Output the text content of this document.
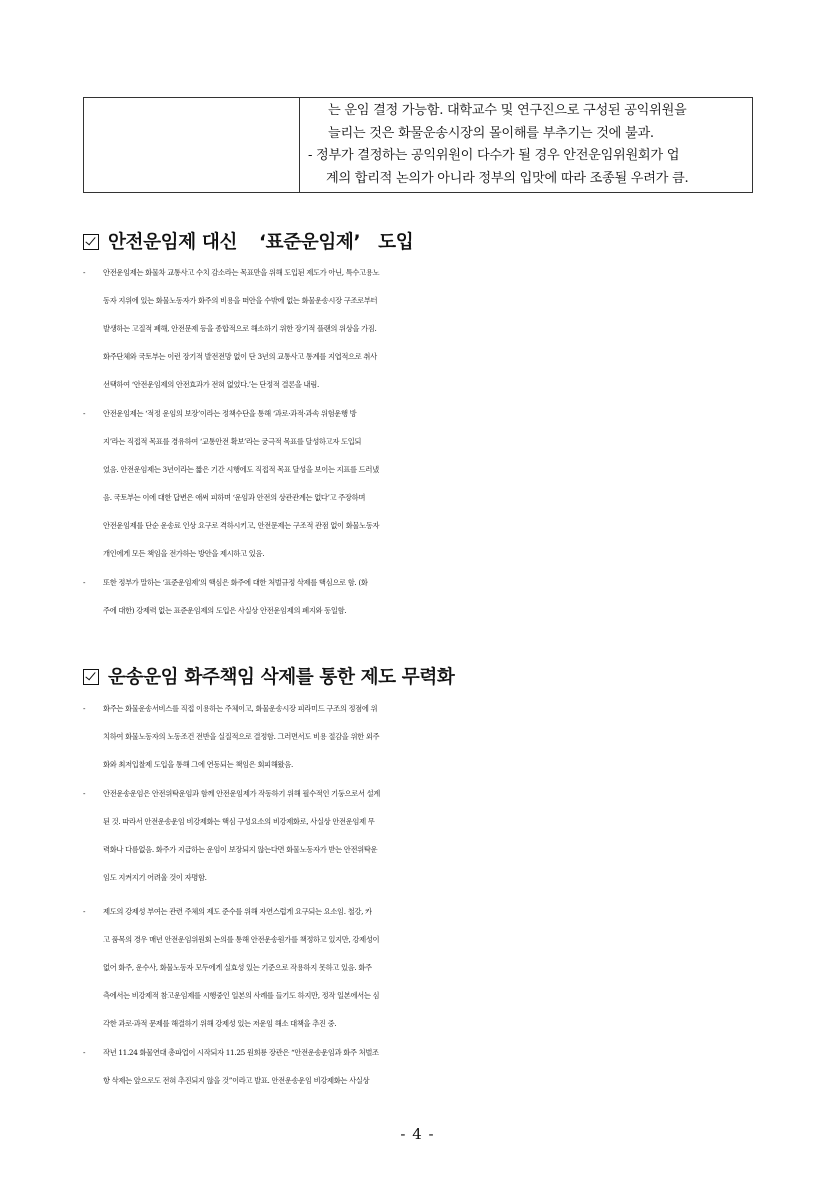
는 운임 결정 가능함. 대학교수 및 연구진으로 구성된 공익위원을
늘리는 것은 화물운송시장의 몰이해를 부추기는 것에 불과.
- 정부가 결정하는 공익위원이 다수가 될 경우 안전운임위원회가 업
계의 합리적 논의가 아니라 정부의 입맛에 따라 조종될 우려가 큼.
안전운임제 대신 ‘표준운임제’ 도입
- 안전운임제는 화물차 교통사고 수치 감소라는 목표만을 위해 도입된 제도가 아닌, 특수고용노
동자 지위에 있는 화물노동자가 화주의 비용을 떠안을 수밖에 없는 화물운송시장 구조로부터
발생하는 고질적 폐해, 안전문제 등을 종합적으로 해소하기 위한 장기적 플랜의 위상을 가짐.
화주단체와 국토부는 이런 장기적 발전전망 없이 단 3년의 교통사고 통계를 지엽적으로 취사
선택하여 ‘안전운임제의 안전효과가 전혀 없었다.’는 단정적 결론을 내림.
- 안전운임제는 ‘적정 운임의 보장’이라는 정책수단을 통해 ‘과로·과적·과속 위험운행 방
지’라는 직접적 목표를 경유하여 ‘교통안전 확보’라는 궁극적 목표를 달성하고자 도입되
었음. 안전운임제는 3년이라는 짧은 기간 시행에도 직접적 목표 달성을 보이는 지표를 드러냈
음. 국토부는 이에 대한 답변은 애써 피하며 ‘운임과 안전의 상관관계는 없다’고 주장하며
안전운임제를 단순 운송료 인상 요구로 격하시키고, 안전문제는 구조적 관점 없이 화물노동자
개인에게 모든 책임을 전가하는 방안을 제시하고 있음.
- 또한 정부가 말하는 ‘표준운임제’의 핵심은 화주에 대한 처벌규정 삭제를 핵심으로 함. (화
주에 대한) 강제력 없는 표준운임제의 도입은 사실상 안전운임제의 폐지와 동일함.
운송운임 화주책임 삭제를 통한 제도 무력화
- 화주는 화물운송서비스를 직접 이용하는 주체이고, 화물운송시장 피라미드 구조의 정점에 위
치하여 화물노동자의 노동조건 전반을 실질적으로 결정함. 그러면서도 비용 절감을 위한 외주
화와 최저입찰제 도입을 통해 그에 연동되는 책임은 회피해왔음.
- 안전운송운임은 안전위탁운임과 함께 안전운임제가 작동하기 위해 필수적인 기둥으로서 설계
된 것. 따라서 안전운송운임 비강제화는 핵심 구성요소의 비강제화로, 사실상 안전운임제 무
력화나 다름없음. 화주가 지급하는 운임이 보장되지 않는다면 화물노동자가 받는 안전위탁운
임도 지켜지기 어려울 것이 자명함.
- 제도의 강제성 부여는 관련 주체의 제도 준수를 위해 자연스럽게 요구되는 요소임. 철강, 카
고 품목의 경우 매년 안전운임위원회 논의를 통해 안전운송원가를 책정하고 있지만, 강제성이
없어 화주, 운수사, 화물노동자 모두에게 실효성 있는 기준으로 작용하지 못하고 있음. 화주
측에서는 비강제적 참고운임제를 시행중인 일본의 사례를 들기도 하지만, 정작 일본에서는 심
각한 과로·과적 문제를 해결하기 위해 강제성 있는 저운임 해소 대책을 추진 중.
- 작년 11.24 화물연대 총파업이 시작되자 11.25 원희룡 장관은 “안전운송운임과 화주 처벌조
항 삭제는 앞으로도 전혀 추진되지 않을 것”이라고 발표. 안전운송운임 비강제화는 사실상
- 4 -
